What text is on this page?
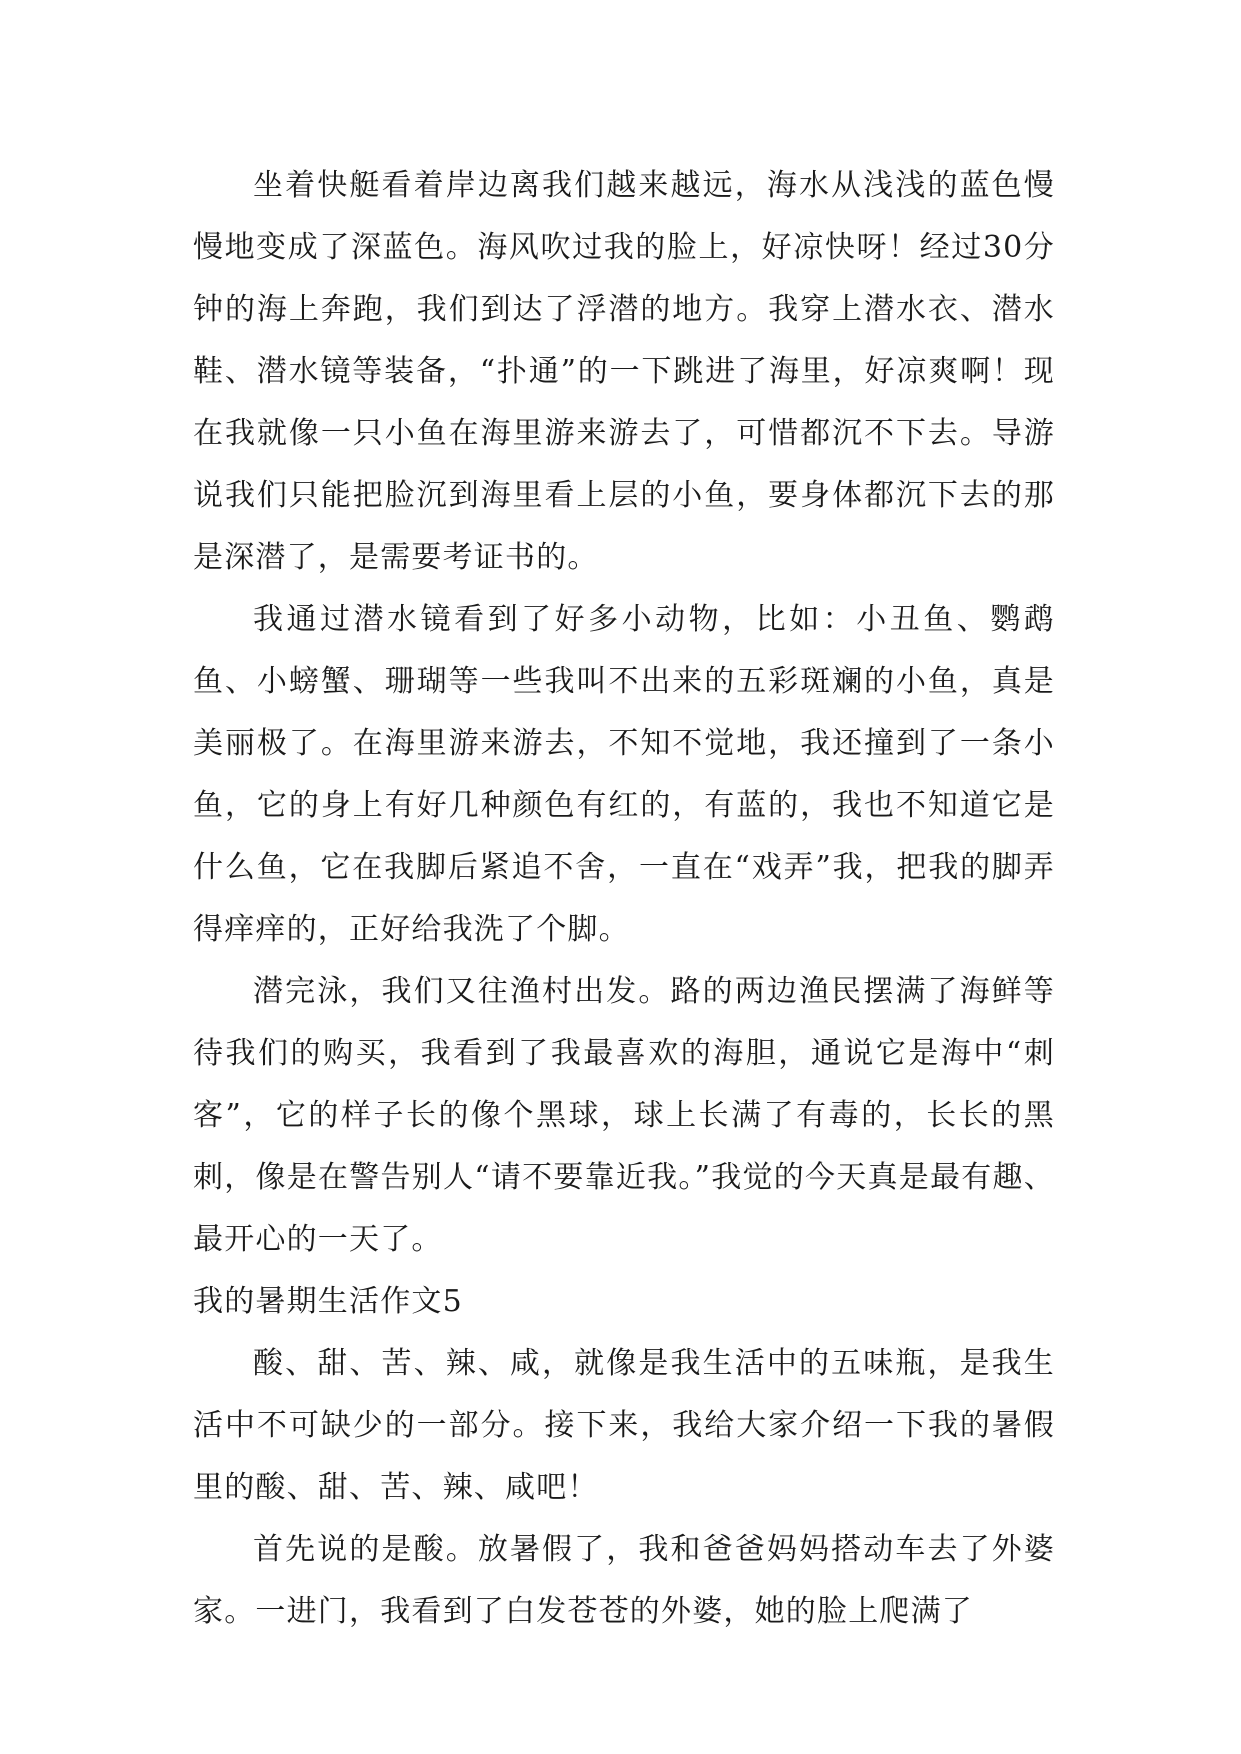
坐着快艇看着岸边离我们越来越远，海水从浅浅的蓝色慢慢地变成了深蓝色。海风吹过我的脸上，好凉快呀！经过30分钟的海上奔跑，我们到达了浮潜的地方。我穿上潜水衣、潜水鞋、潜水镜等装备，“扑通”的一下跳进了海里，好凉爽啊！现在我就像一只小鱼在海里游来游去了，可惜都沉不下去。导游说我们只能把脸沉到海里看上层的小鱼，要身体都沉下去的那是深潜了，是需要考证书的。

我通过潜水镜看到了好多小动物，比如：小丑鱼、鹦鹉鱼、小螃蟹、珊瑚等一些我叫不出来的五彩斑斓的小鱼，真是美丽极了。在海里游来游去，不知不觉地，我还撞到了一条小鱼，它的身上有好几种颜色有红的，有蓝的，我也不知道它是什么鱼，它在我脚后紧追不舍，一直在“戏弄”我，把我的脚弄得痒痒的，正好给我洗了个脚。

潜完泳，我们又往渔村出发。路的两边渔民摆满了海鲜等待我们的购买，我看到了我最喜欢的海胆，通说它是海中“刺客”，它的样子长的像个黑球，球上长满了有毒的，长长的黑刺，像是在警告别人“请不要靠近我。”我觉的今天真是最有趣、最开心的一天了。

我的暑期生活作文5

酸、甜、苦、辣、咸，就像是我生活中的五味瓶，是我生活中不可缺少的一部分。接下来，我给大家介绍一下我的暑假里的酸、甜、苦、辣、咸吧！

首先说的是酸。放暑假了，我和爸爸妈妈搭动车去了外婆家。一进门，我看到了白发苍苍的外婆，她的脸上爬满了
